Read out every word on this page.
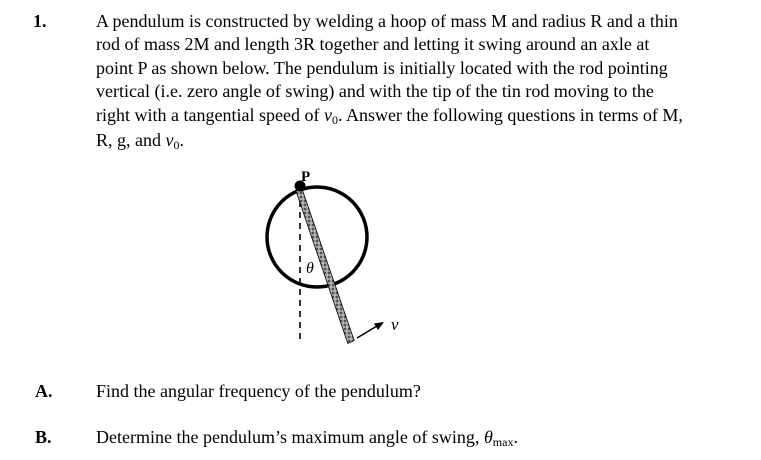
1.	A pendulum is constructed by welding a hoop of mass M and radius R and a thin
rod of mass 2M and length 3R together and letting it swing around an axle at
point P as shown below. The pendulum is initially located with the rod pointing
vertical (i.e. zero angle of swing) and with the tip of the tin rod moving to the
right with a tangential speed of v0. Answer the following questions in terms of M,
R, g, and v0.

P
θ
v
A. Find the angular frequency of the pendulum?
B. Determine the pendulum’s maximum angle of swing, θmax.
